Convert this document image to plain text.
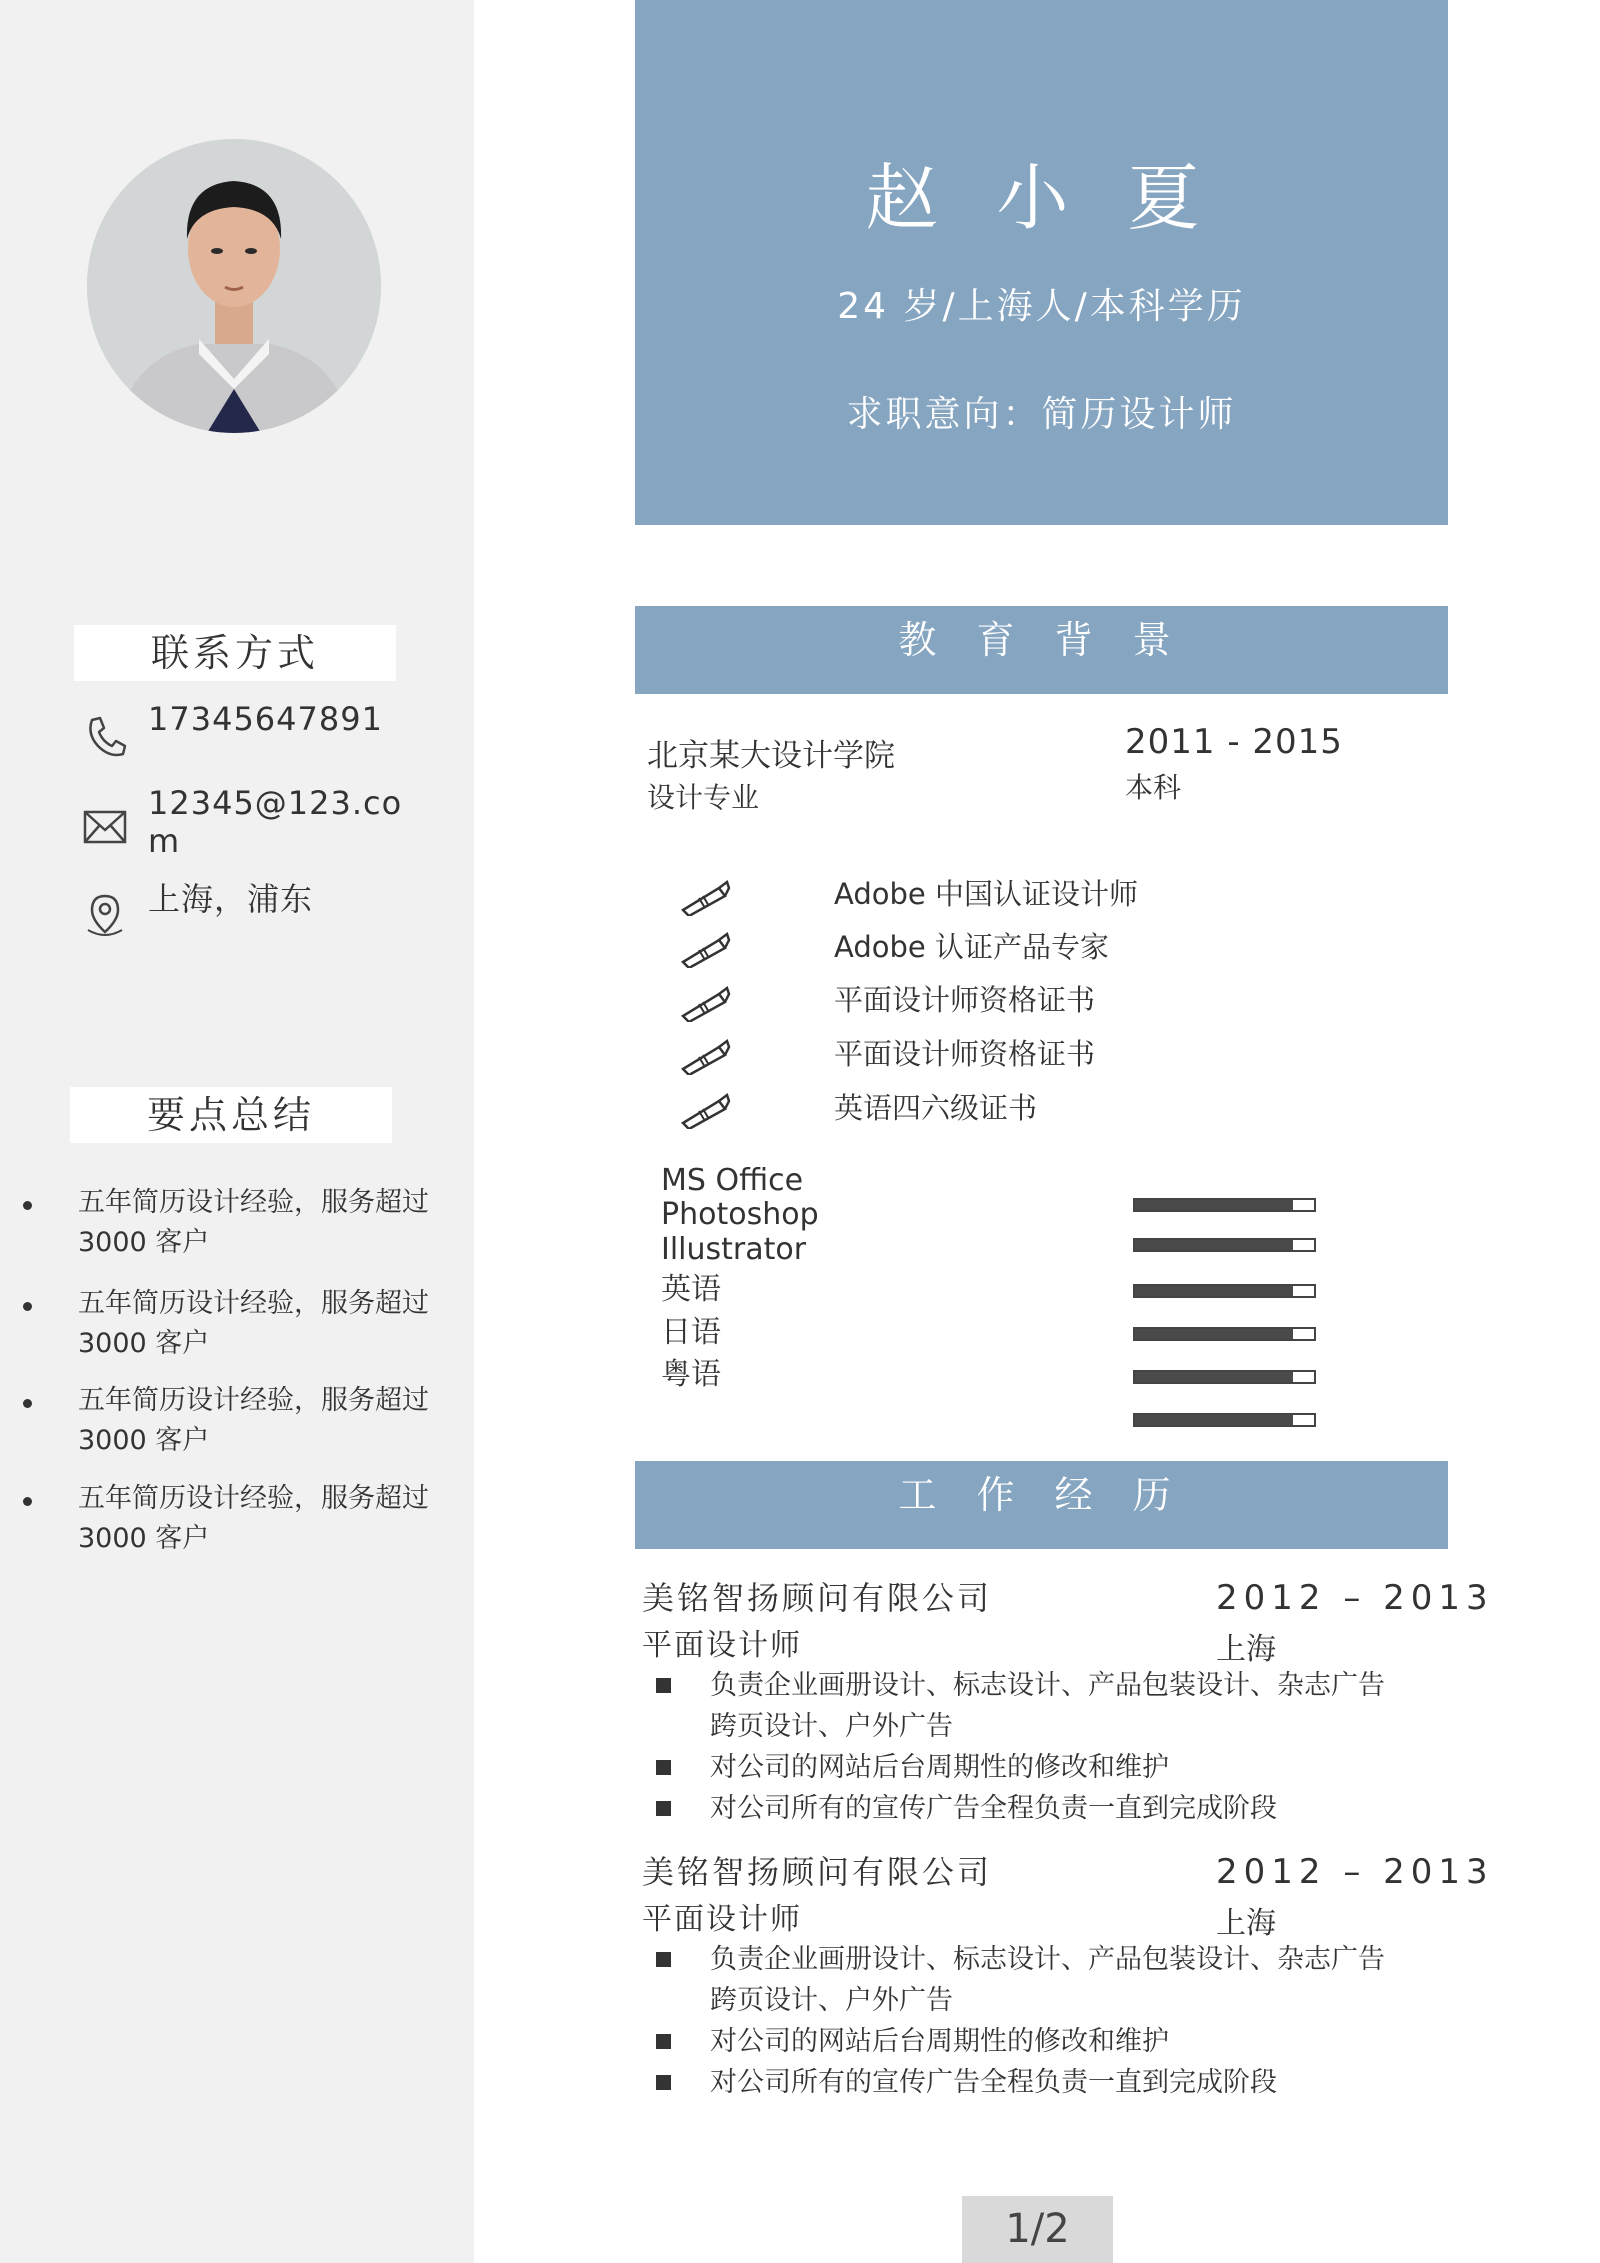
联系方式
17345647891
12345@123.com
上海，浦东
要点总结
五年简历设计经验，服务超过 3000 客户
五年简历设计经验，服务超过 3000 客户
五年简历设计经验，服务超过 3000 客户
五年简历设计经验，服务超过 3000 客户
赵 小 夏
24 岁/上海人/本科学历
求职意向：简历设计师
教 育 背 景
北京某大设计学院
设计专业
2011 - 2015
本科
Adobe 中国认证设计师
Adobe 认证产品专家
平面设计师资格证书
平面设计师资格证书
英语四六级证书
MS Office
Photoshop
Illustrator
英语
日语
粤语
工 作 经 历
美铭智扬顾问有限公司
平面设计师
2012 – 2013
上海
负责企业画册设计、标志设计、产品包装设计、杂志广告跨页设计、户外广告
对公司的网站后台周期性的修改和维护
对公司所有的宣传广告全程负责一直到完成阶段
美铭智扬顾问有限公司
平面设计师
2012 – 2013
上海
负责企业画册设计、标志设计、产品包装设计、杂志广告跨页设计、户外广告
对公司的网站后台周期性的修改和维护
对公司所有的宣传广告全程负责一直到完成阶段
1/2
